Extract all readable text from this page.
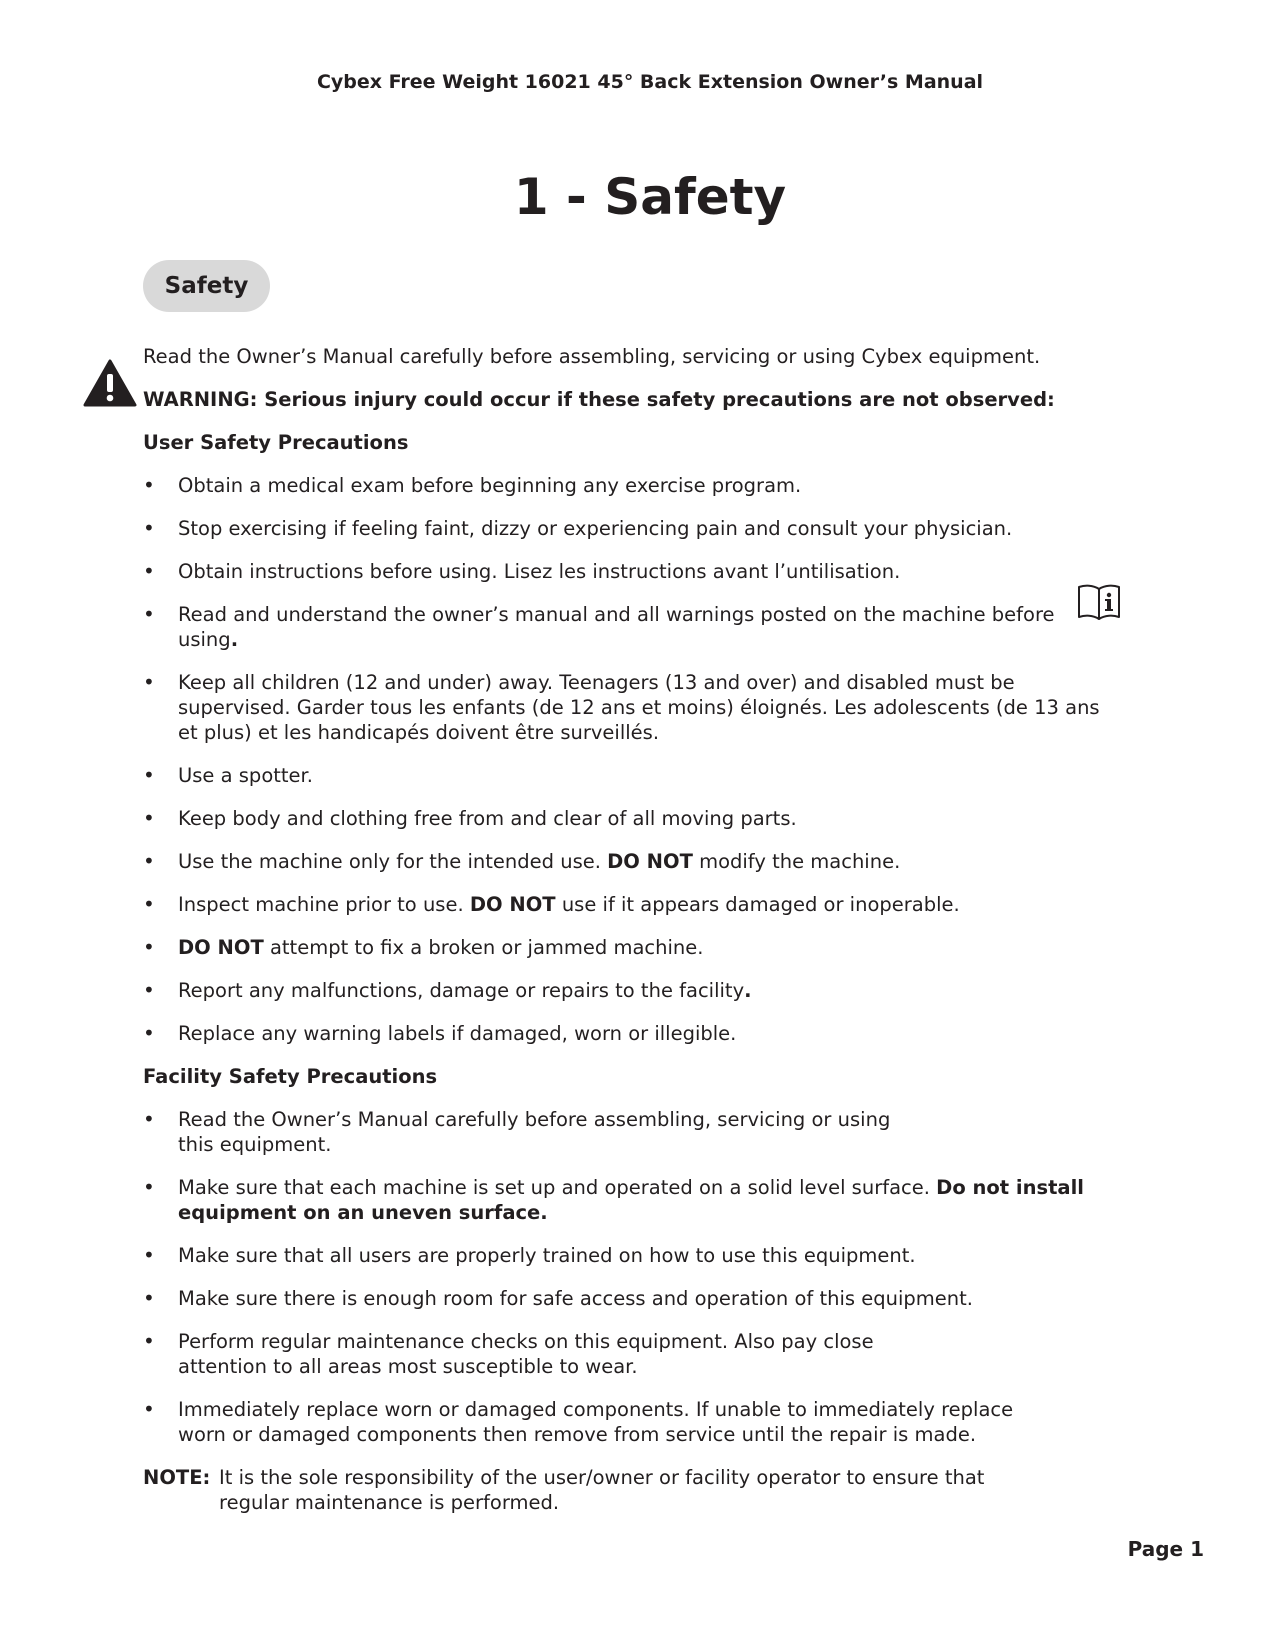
Cybex Free Weight 16021 45° Back Extension Owner’s Manual
1 - Safety
Safety

Read the Owner’s Manual carefully before assembling, servicing or using Cybex equipment.

WARNING: Serious injury could occur if these safety precautions are not observed:

User Safety Precautions

• Obtain a medical exam before beginning any exercise program.
• Stop exercising if feeling faint, dizzy or experiencing pain and consult your physician.
• Obtain instructions before using. Lisez les instructions avant l’untilisation.
• Read and understand the owner’s manual and all warnings posted on the machine before using.
• Keep all children (12 and under) away. Teenagers (13 and over) and disabled must be supervised. Garder tous les enfants (de 12 ans et moins) éloignés. Les adolescents (de 13 ans et plus) et les handicapés doivent être surveillés.
• Use a spotter.
• Keep body and clothing free from and clear of all moving parts.
• Use the machine only for the intended use. DO NOT modify the machine.
• Inspect machine prior to use. DO NOT use if it appears damaged or inoperable.
• DO NOT attempt to fix a broken or jammed machine.
• Report any malfunctions, damage or repairs to the facility.
• Replace any warning labels if damaged, worn or illegible.

Facility Safety Precautions

• Read the Owner’s Manual carefully before assembling, servicing or using this equipment.
• Make sure that each machine is set up and operated on a solid level surface. Do not install equipment on an uneven surface.
• Make sure that all users are properly trained on how to use this equipment.
• Make sure there is enough room for safe access and operation of this equipment.
• Perform regular maintenance checks on this equipment. Also pay close attention to all areas most susceptible to wear.
• Immediately replace worn or damaged components. If unable to immediately replace worn or damaged components then remove from service until the repair is made.
NOTE: It is the sole responsibility of the user/owner or facility operator to ensure that regular maintenance is performed.
Page 1
